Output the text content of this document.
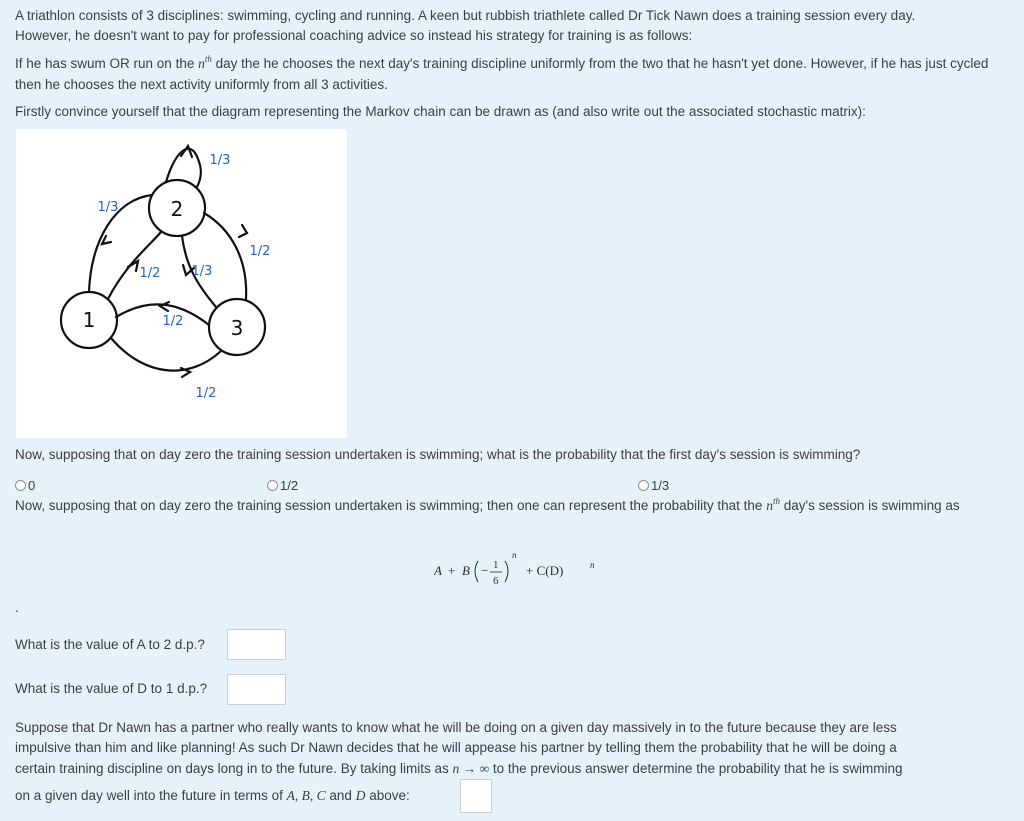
A triathlon consists of 3 disciplines: swimming, cycling and running. A keen but rubbish triathlete called Dr Tick Nawn does a training session every day.

However, he doesn't want to pay for professional coaching advice so instead his strategy for training is as follows:

If he has swum OR run on the $n^{th}$ day the he chooses the next day's training discipline uniformly from the two that he hasn't yet done. However, if he has just cycled then he chooses the next activity uniformly from all 3 activities.

Firstly convince yourself that the diagram representing the Markov chain can be drawn as (and also write out the associated stochastic matrix):

1
2
3
1/3
1/3
1/2 1/3
1/2
1/2
1/2

Now, supposing that on day zero the training session undertaken is swimming; what is the probability that the first day's session is swimming?

0	1/2	1/3

Now, supposing that on day zero the training session undertaken is swimming; then one can represent the probability that the $n^{th}$ day's session is swimming as

A + B − 1
6
n
+ C(D)	n
.
What is the value of A to 2 d.p.?
What is the value of D to 1 d.p.?

Suppose that Dr Nawn has a partner who really wants to know what he will be doing on a given day massively in to the future because they are less

impulsive than him and like planning! As such Dr Nawn decides that he will appease his partner by telling them the probability that he will be doing a

certain training discipline on days long in to the future. By taking limits as n → ∞ to the previous answer determine the probability that he is swimming

on a given day well into the future in terms of A, B, C and D above:
